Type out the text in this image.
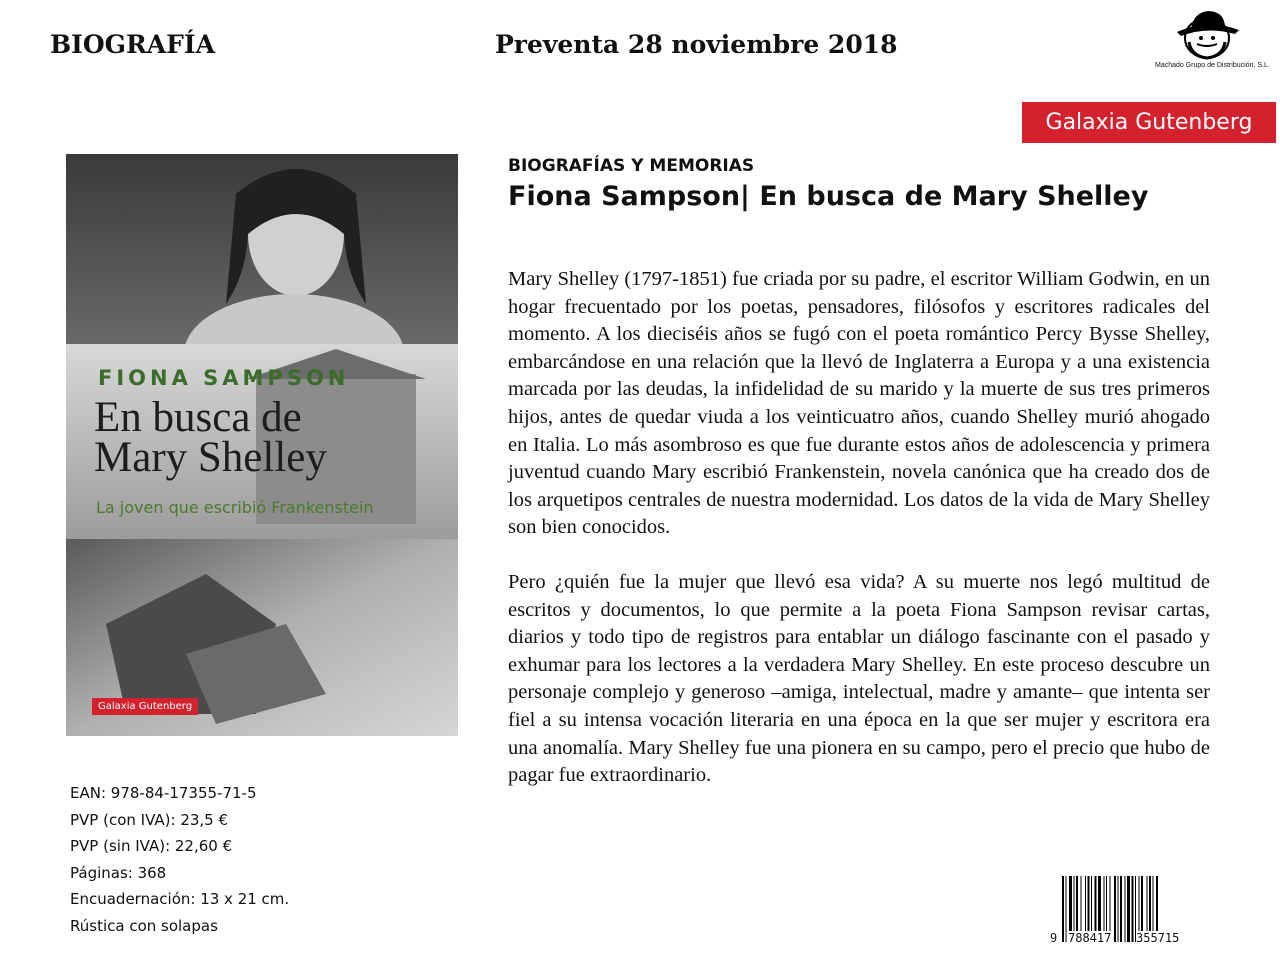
BIOGRAFÍA	Preventa 28 noviembre 2018
Machado Grupo de Distribución, S.L.
Galaxia Gutenberg
FIONA SAMPSON
En busca de
Mary Shelley
La joven que escribió Frankenstein
Galaxia Gutenberg
BIOGRAFÍAS Y MEMORIAS
Fiona Sampson| En busca de Mary Shelley

Mary Shelley (1797-1851) fue criada por su padre, el escritor William Godwin, en un hogar frecuentado por los poetas, pensadores, filósofos y escritores radicales del momento. A los dieciséis años se fugó con el poeta romántico Percy Bysse Shelley, embarcándose en una relación que la llevó de Inglaterra a Europa y a una existencia marcada por las deudas, la infidelidad de su marido y la muerte de sus tres primeros hijos, antes de quedar viuda a los veinticuatro años, cuando Shelley murió ahogado en Italia. Lo más asombroso es que fue durante estos años de adolescencia y primera juventud cuando Mary escribió Frankenstein, novela canónica que ha creado dos de los arquetipos centrales de nuestra modernidad. Los datos de la vida de Mary Shelley son bien conocidos.

Pero ¿quién fue la mujer que llevó esa vida? A su muerte nos legó multitud de escritos y documentos, lo que permite a la poeta Fiona Sampson revisar cartas, diarios y todo tipo de registros para entablar un diálogo fascinante con el pasado y exhumar para los lectores a la verdadera Mary Shelley. En este proceso descubre un personaje complejo y generoso –amiga, intelectual, madre y amante– que intenta ser fiel a su intensa vocación literaria en una época en la que ser mujer y escritora era una anomalía. Mary Shelley fue una pionera en su campo, pero el precio que hubo de pagar fue extraordinario.

EAN: 978-84-17355-71-5
PVP (con IVA): 23,5 €
PVP (sin IVA): 22,60 €
Páginas: 368
Encuadernación: 13 x 21 cm.
Rústica con solapas
9 788417 355715
